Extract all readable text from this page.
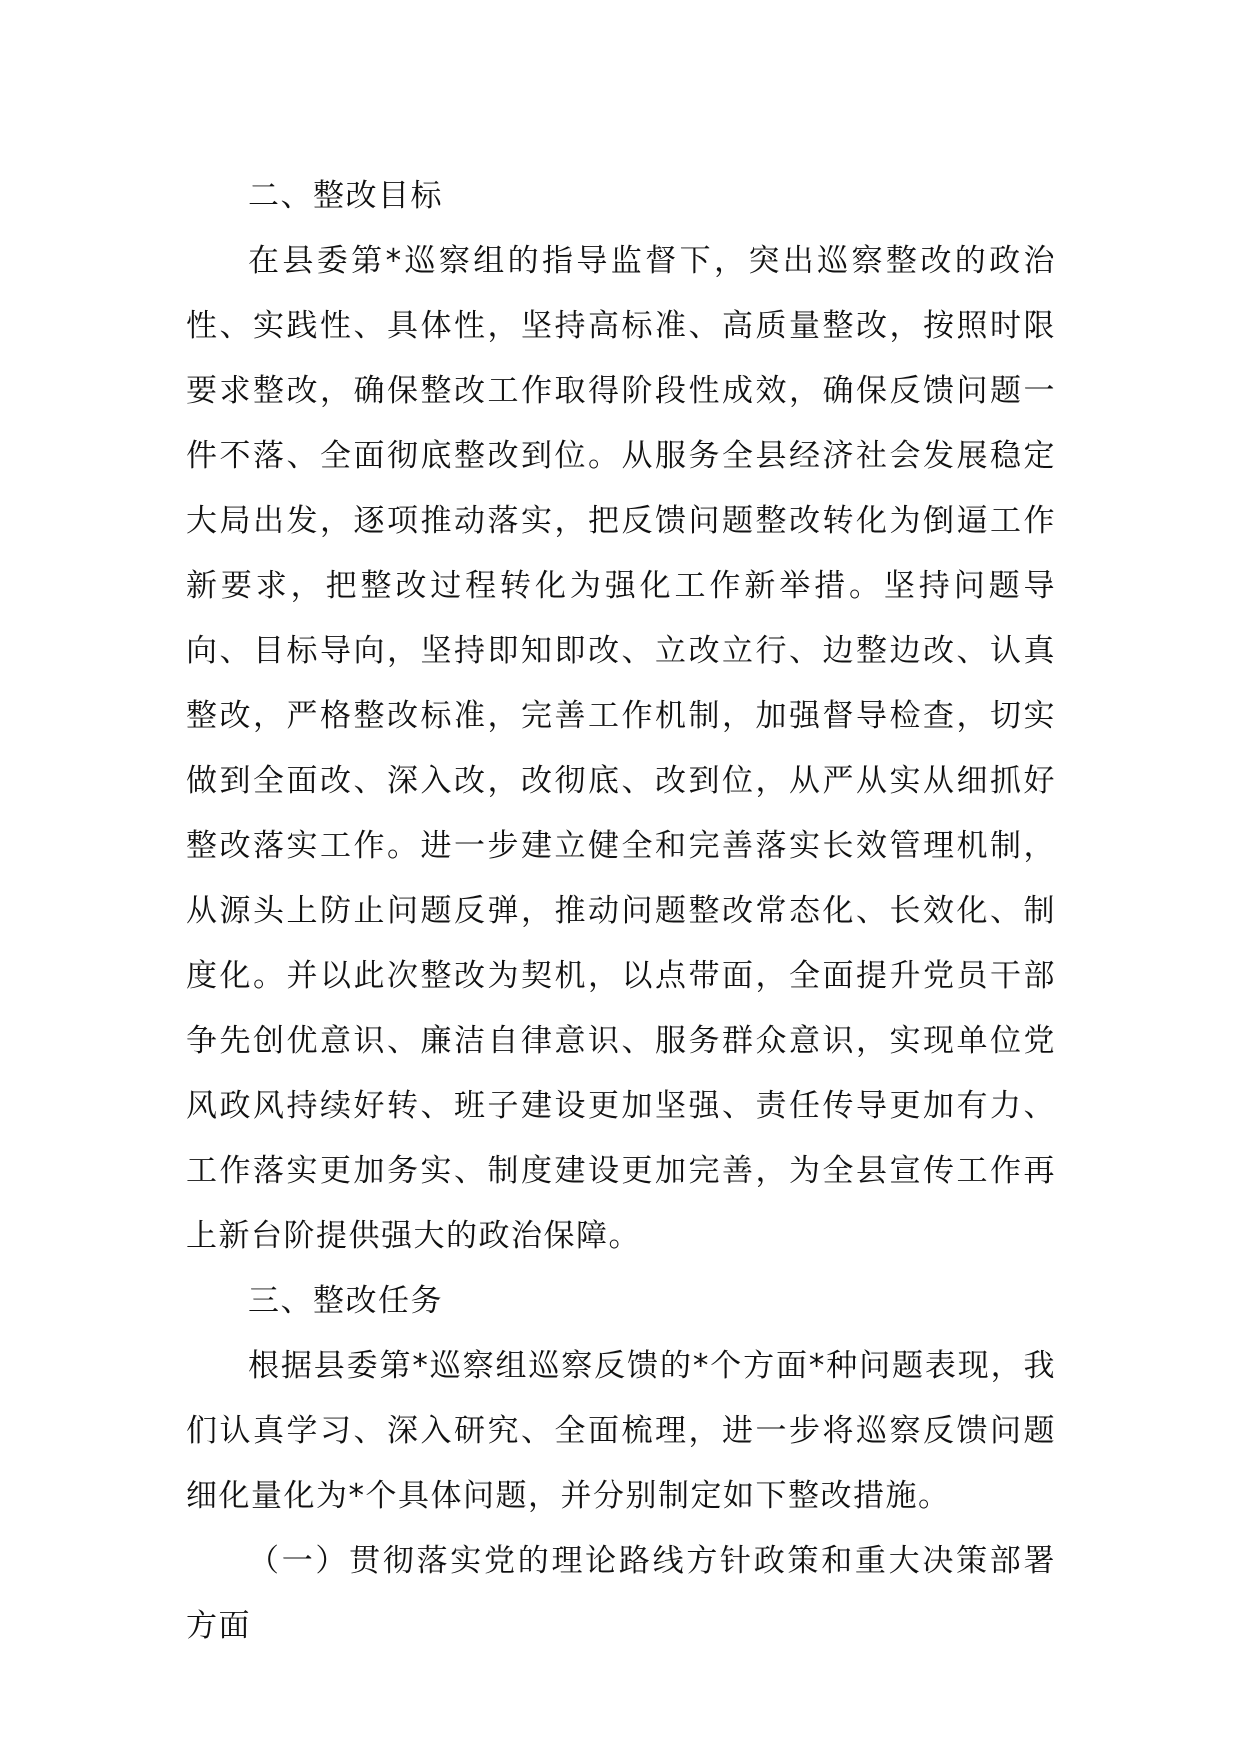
二、整改目标

在县委第*巡察组的指导监督下，突出巡察整改的政治性、实践性、具体性，坚持高标准、高质量整改，按照时限要求整改，确保整改工作取得阶段性成效，确保反馈问题一件不落、全面彻底整改到位。从服务全县经济社会发展稳定大局出发，逐项推动落实，把反馈问题整改转化为倒逼工作新要求，把整改过程转化为强化工作新举措。坚持问题导向、目标导向，坚持即知即改、立改立行、边整边改、认真整改，严格整改标准，完善工作机制，加强督导检查，切实做到全面改、深入改，改彻底、改到位，从严从实从细抓好整改落实工作。进一步建立健全和完善落实长效管理机制，从源头上防止问题反弹，推动问题整改常态化、长效化、制度化。并以此次整改为契机，以点带面，全面提升党员干部争先创优意识、廉洁自律意识、服务群众意识，实现单位党风政风持续好转、班子建设更加坚强、责任传导更加有力、工作落实更加务实、制度建设更加完善，为全县宣传工作再上新台阶提供强大的政治保障。

三、整改任务

根据县委第*巡察组巡察反馈的*个方面*种问题表现，我们认真学习、深入研究、全面梳理，进一步将巡察反馈问题细化量化为*个具体问题，并分别制定如下整改措施。

（一）贯彻落实党的理论路线方针政策和重大决策部署方面
